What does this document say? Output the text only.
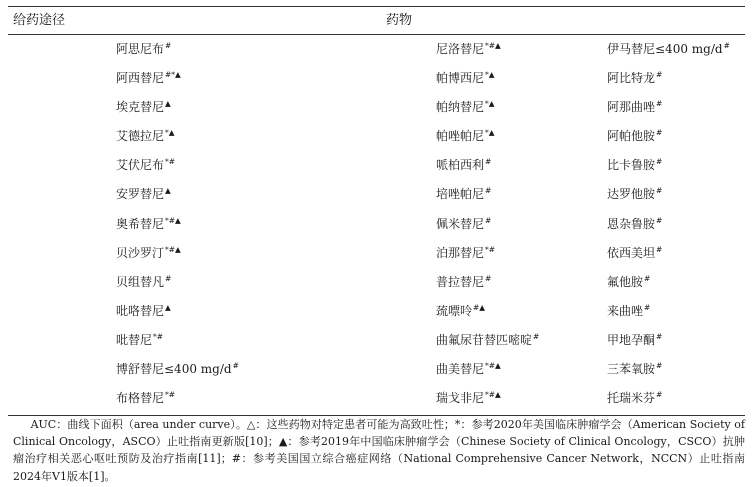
给药途径	药物
阿思尼布#	尼洛替尼*#▲	伊马替尼≤400 mg/d#
阿西替尼#*▲	帕博西尼*▲	阿比特龙#
埃克替尼▲	帕纳替尼*▲	阿那曲唑#
艾德拉尼*▲	帕唑帕尼*▲	阿帕他胺#
艾伏尼布*#	哌柏西利#	比卡鲁胺#
安罗替尼▲	培唑帕尼#	达罗他胺#
奥希替尼*#▲	佩米替尼#	恩杂鲁胺#
贝沙罗汀*#▲	泊那替尼*#	依西美坦#
贝组替凡#	普拉替尼#	氟他胺#
吡咯替尼▲	巯嘌呤#▲	来曲唑#
吡替尼*#	曲氟尿苷替匹嘧啶#	甲地孕酮#
博舒替尼≤400 mg/d#	曲美替尼*#▲	三苯氧胺#
布格替尼*#	瑞戈非尼*#▲	托瑞米芬#
AUC：曲线下面积（area under curve）。△：这些药物对特定患者可能为高致吐性；*：参考2020年美国临床肿瘤学会（American Society of Clinical Oncology，ASCO）止吐指南更新版[10]；▲：参考2019年中国临床肿瘤学会（Chinese Society of Clinical Oncology，CSCO）抗肿瘤治疗相关恶心呕吐预防及治疗指南[11]；#：参考美国国立综合癌症网络（National Comprehensive Cancer Network，NCCN）止吐指南2024年V1版本[1]。
